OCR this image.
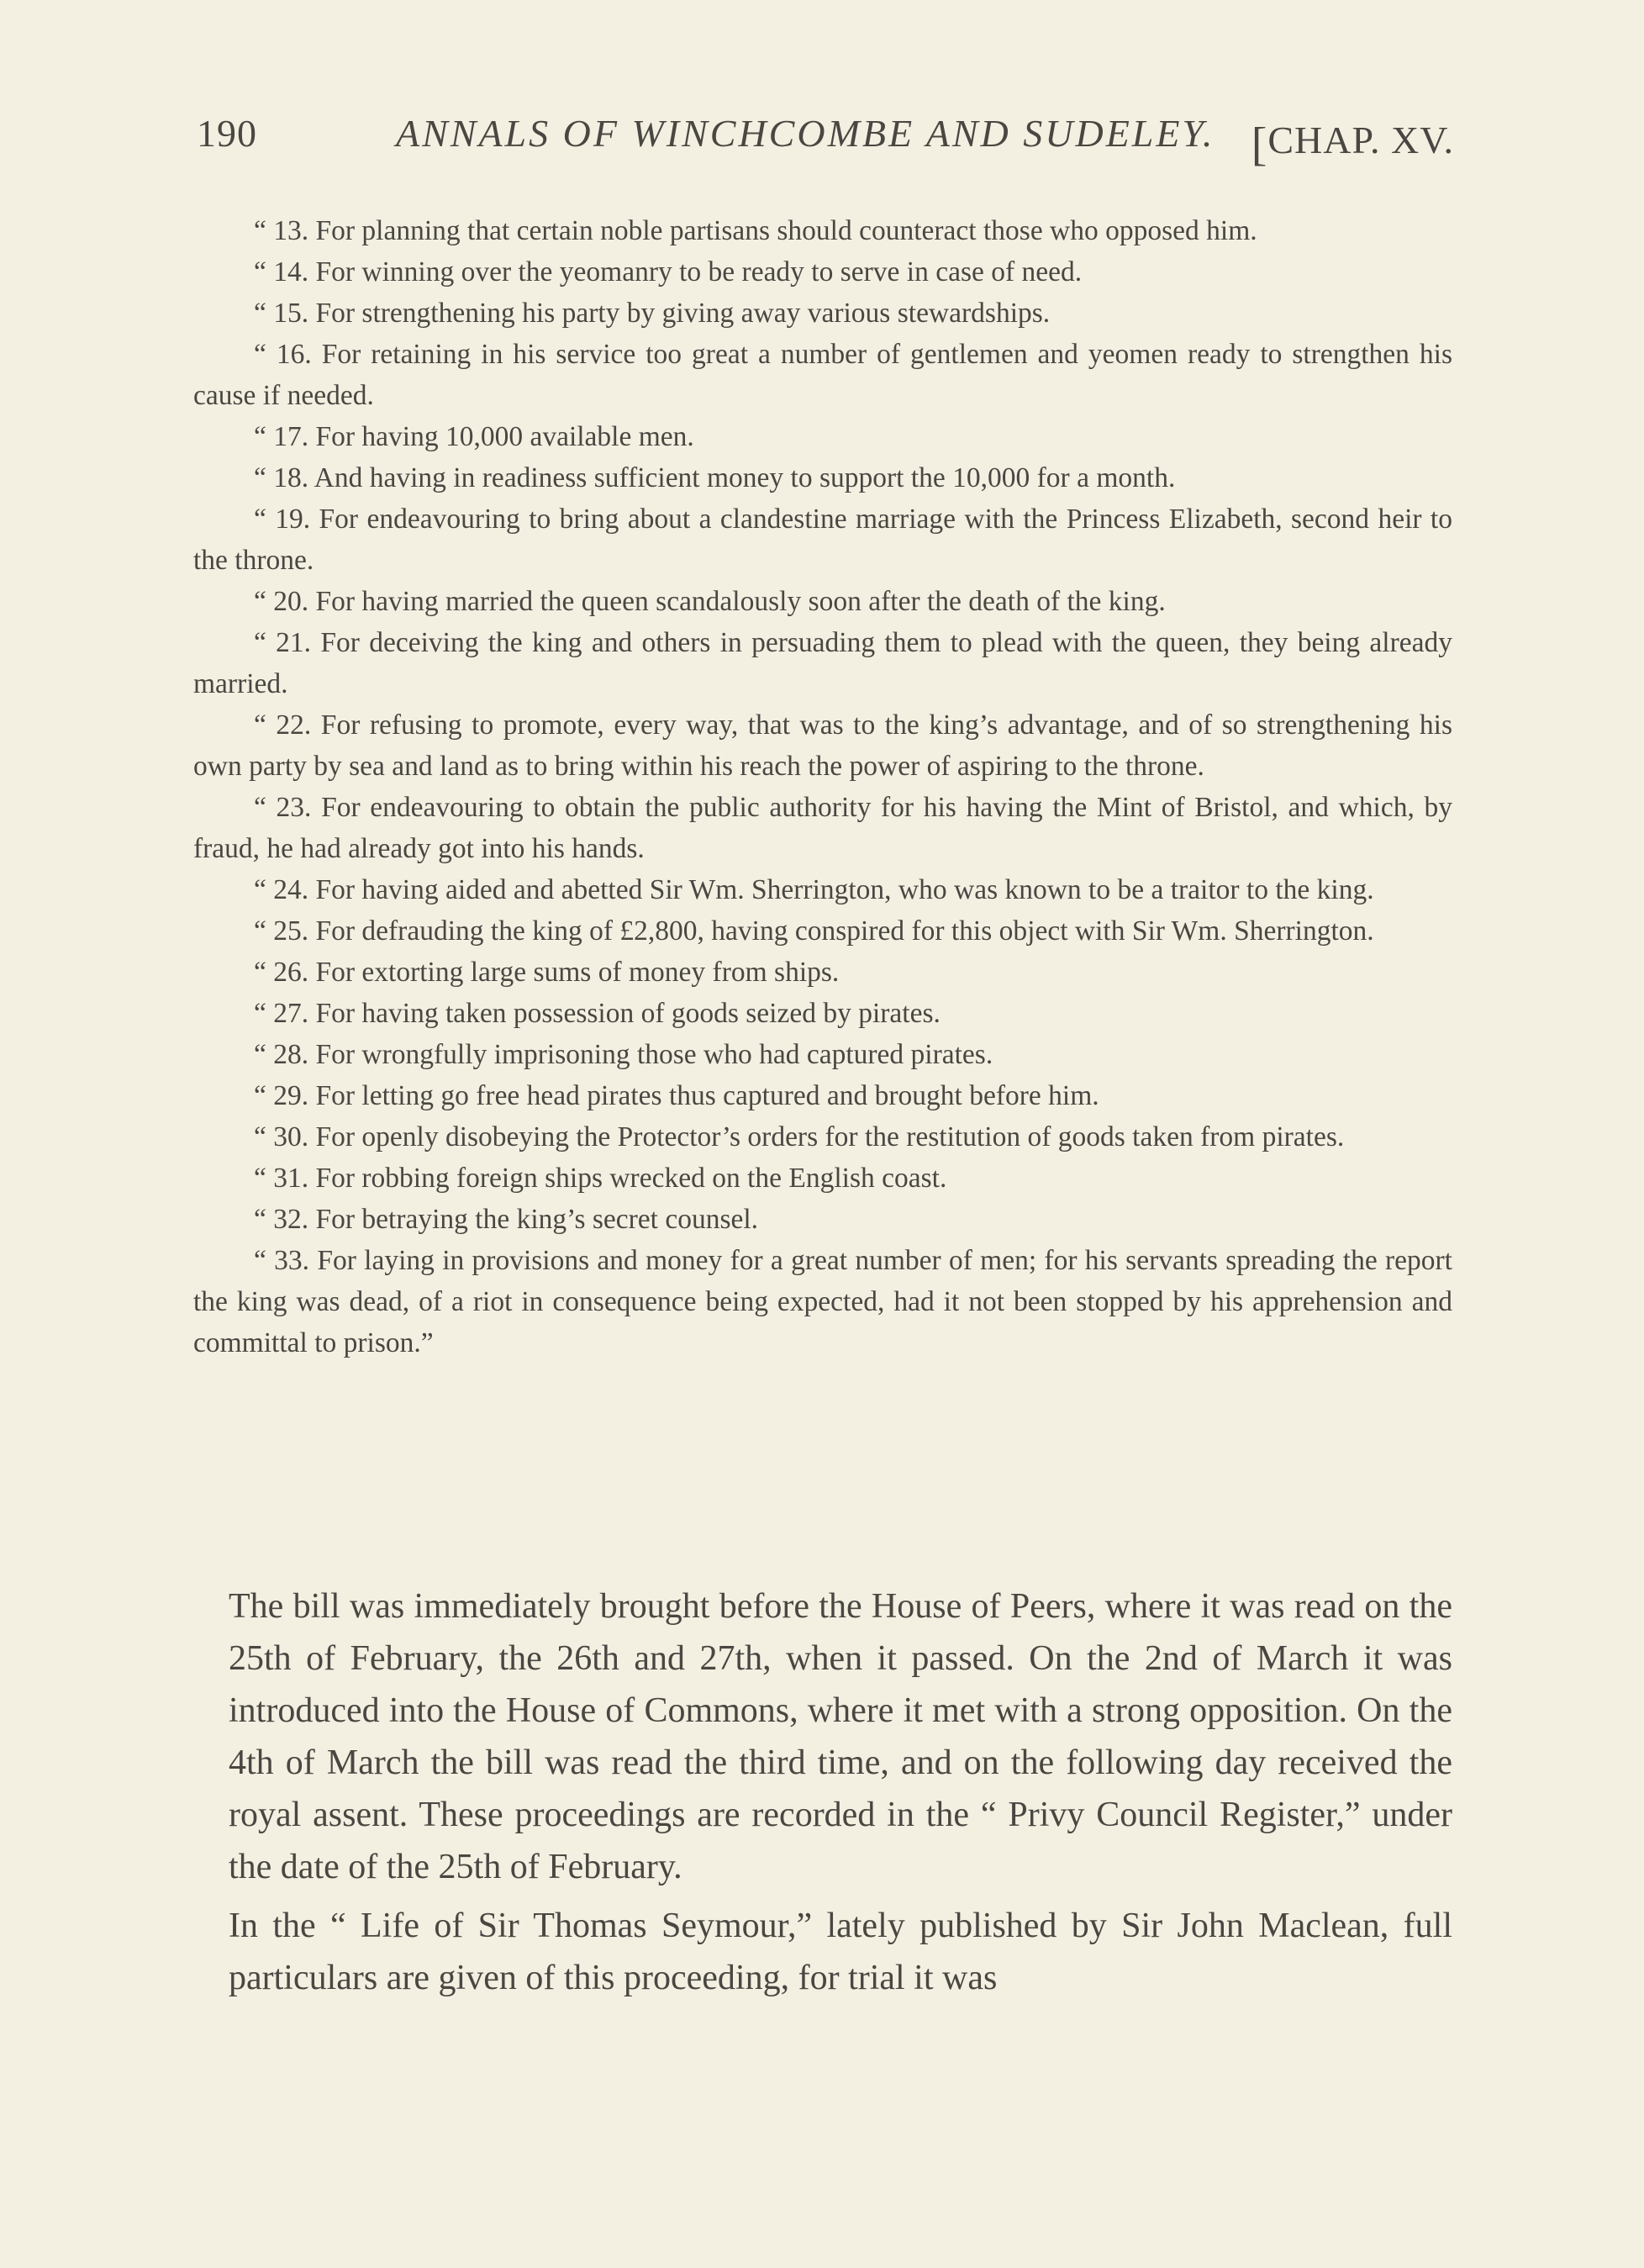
190	ANNALS OF WINCHCOMBE AND SUDELEY. [CHAP. XV.

“ 13. For planning that certain noble partisans should counteract those who opposed him.

“ 14. For winning over the yeomanry to be ready to serve in case of need.

“ 15. For strengthening his party by giving away various stewardships.

“ 16. For retaining in his service too great a number of gentlemen and yeomen ready to strengthen his cause if needed.

“ 17. For having 10,000 available men.

“ 18. And having in readiness sufficient money to support the 10,000 for a month.

“ 19. For endeavouring to bring about a clandestine marriage with the Princess Elizabeth, second heir to the throne.

“ 20. For having married the queen scandalously soon after the death of the king.

“ 21. For deceiving the king and others in persuading them to plead with the queen, they being already married.

“ 22. For refusing to promote, every way, that was to the king’s advantage, and of so strengthening his own party by sea and land as to bring within his reach the power of aspiring to the throne.

“ 23. For endeavouring to obtain the public authority for his having the Mint of Bristol, and which, by fraud, he had already got into his hands.

“ 24. For having aided and abetted Sir Wm. Sherrington, who was known to be a traitor to the king.

“ 25. For defrauding the king of £2,800, having conspired for this object with Sir Wm. Sherrington.

“ 26. For extorting large sums of money from ships.

“ 27. For having taken possession of goods seized by pirates.

“ 28. For wrongfully imprisoning those who had captured pirates.

“ 29. For letting go free head pirates thus captured and brought before him.

“ 30. For openly disobeying the Protector’s orders for the restitution of goods taken from pirates.

“ 31. For robbing foreign ships wrecked on the English coast.

“ 32. For betraying the king’s secret counsel.

“ 33. For laying in provisions and money for a great number of men; for his servants spreading the report the king was dead, of a riot in consequence being expected, had it not been stopped by his apprehension and committal to prison.”

The bill was immediately brought before the House of Peers, where it was read on the 25th of February, the 26th and 27th, when it passed. On the 2nd of March it was introduced into the House of Commons, where it met with a strong opposition. On the 4th of March the bill was read the third time, and on the following day received the royal assent. These proceedings are recorded in the “ Privy Council Register,” under the date of the 25th of February.

In the “ Life of Sir Thomas Seymour,” lately published by Sir John Maclean, full particulars are given of this proceeding, for trial it was
